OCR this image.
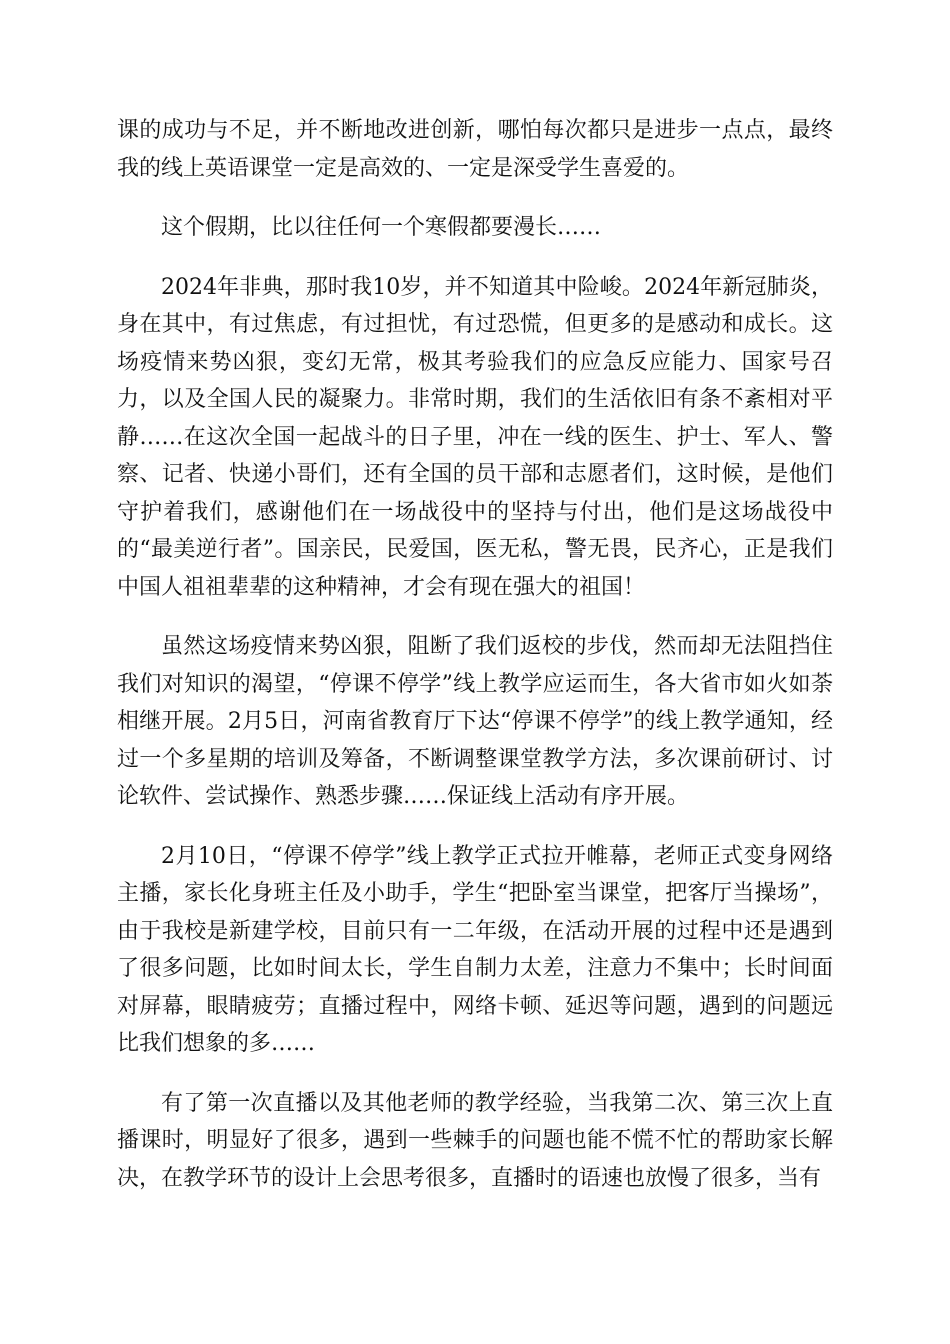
课的成功与不足，并不断地改进创新，哪怕每次都只是进步一点点，最终我的线上英语课堂一定是高效的、一定是深受学生喜爱的。

这个假期，比以往任何一个寒假都要漫长……

2024年非典，那时我10岁，并不知道其中险峻。2024年新冠肺炎，身在其中，有过焦虑，有过担忧，有过恐慌，但更多的是感动和成长。这场疫情来势凶狠，变幻无常，极其考验我们的应急反应能力、国家号召力，以及全国人民的凝聚力。非常时期，我们的生活依旧有条不紊相对平静……在这次全国一起战斗的日子里，冲在一线的医生、护士、军人、警察、记者、快递小哥们，还有全国的员干部和志愿者们，这时候，是他们守护着我们，感谢他们在一场战役中的坚持与付出，他们是这场战役中的“最美逆行者”。国亲民，民爱国，医无私，警无畏，民齐心，正是我们中国人祖祖辈辈的这种精神，才会有现在强大的祖国！

虽然这场疫情来势凶狠，阻断了我们返校的步伐，然而却无法阻挡住我们对知识的渴望，“停课不停学”线上教学应运而生，各大省市如火如荼相继开展。2月5日，河南省教育厅下达“停课不停学”的线上教学通知，经过一个多星期的培训及筹备，不断调整课堂教学方法，多次课前研讨、讨论软件、尝试操作、熟悉步骤……保证线上活动有序开展。

2月10日，“停课不停学”线上教学正式拉开帷幕，老师正式变身网络主播，家长化身班主任及小助手，学生“把卧室当课堂，把客厅当操场”，由于我校是新建学校，目前只有一二年级，在活动开展的过程中还是遇到了很多问题，比如时间太长，学生自制力太差，注意力不集中；长时间面对屏幕，眼睛疲劳；直播过程中，网络卡顿、延迟等问题，遇到的问题远比我们想象的多……

有了第一次直播以及其他老师的教学经验，当我第二次、第三次上直播课时，明显好了很多，遇到一些棘手的问题也能不慌不忙的帮助家长解决，在教学环节的设计上会思考很多，直播时的语速也放慢了很多，当有
